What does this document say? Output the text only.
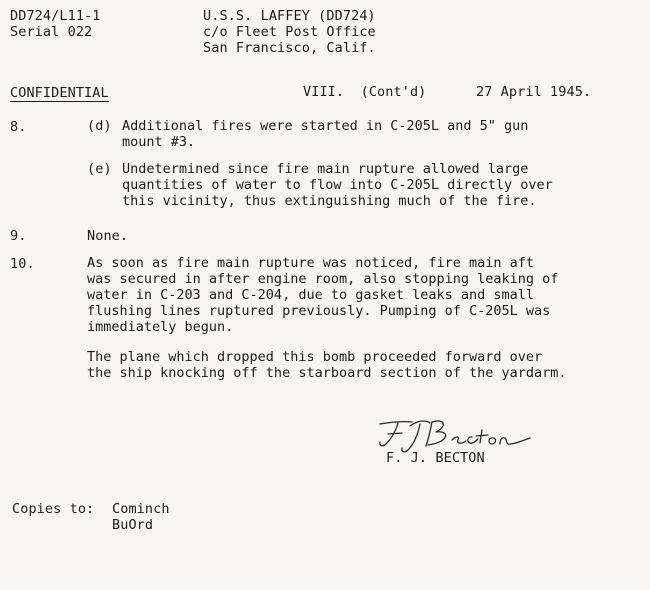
DD724/L11-1
Serial 022
U.S.S. LAFFEY (DD724)
c/o Fleet Post Office
San Francisco, Calif.
CONFIDENTIAL	VIII.  (Cont'd)	27 April 1945.
8.	(d) Additional fires were started in C-205L and 5" gun
mount #3.
(e) Undetermined since fire main rupture allowed large
quantities of water to flow into C-205L directly over
this vicinity, thus extinguishing much of the fire.
9.	None.
10.	As soon as fire main rupture was noticed, fire main aft
was secured in after engine room, also stopping leaking of
water in C-203 and C-204, due to gasket leaks and small
flushing lines ruptured previously. Pumping of C-205L was
immediately begun.
The plane which dropped this bomb proceeded forward over
the ship knocking off the starboard section of the yardarm.
F. J. BECTON
Copies to: Cominch
BuOrd
